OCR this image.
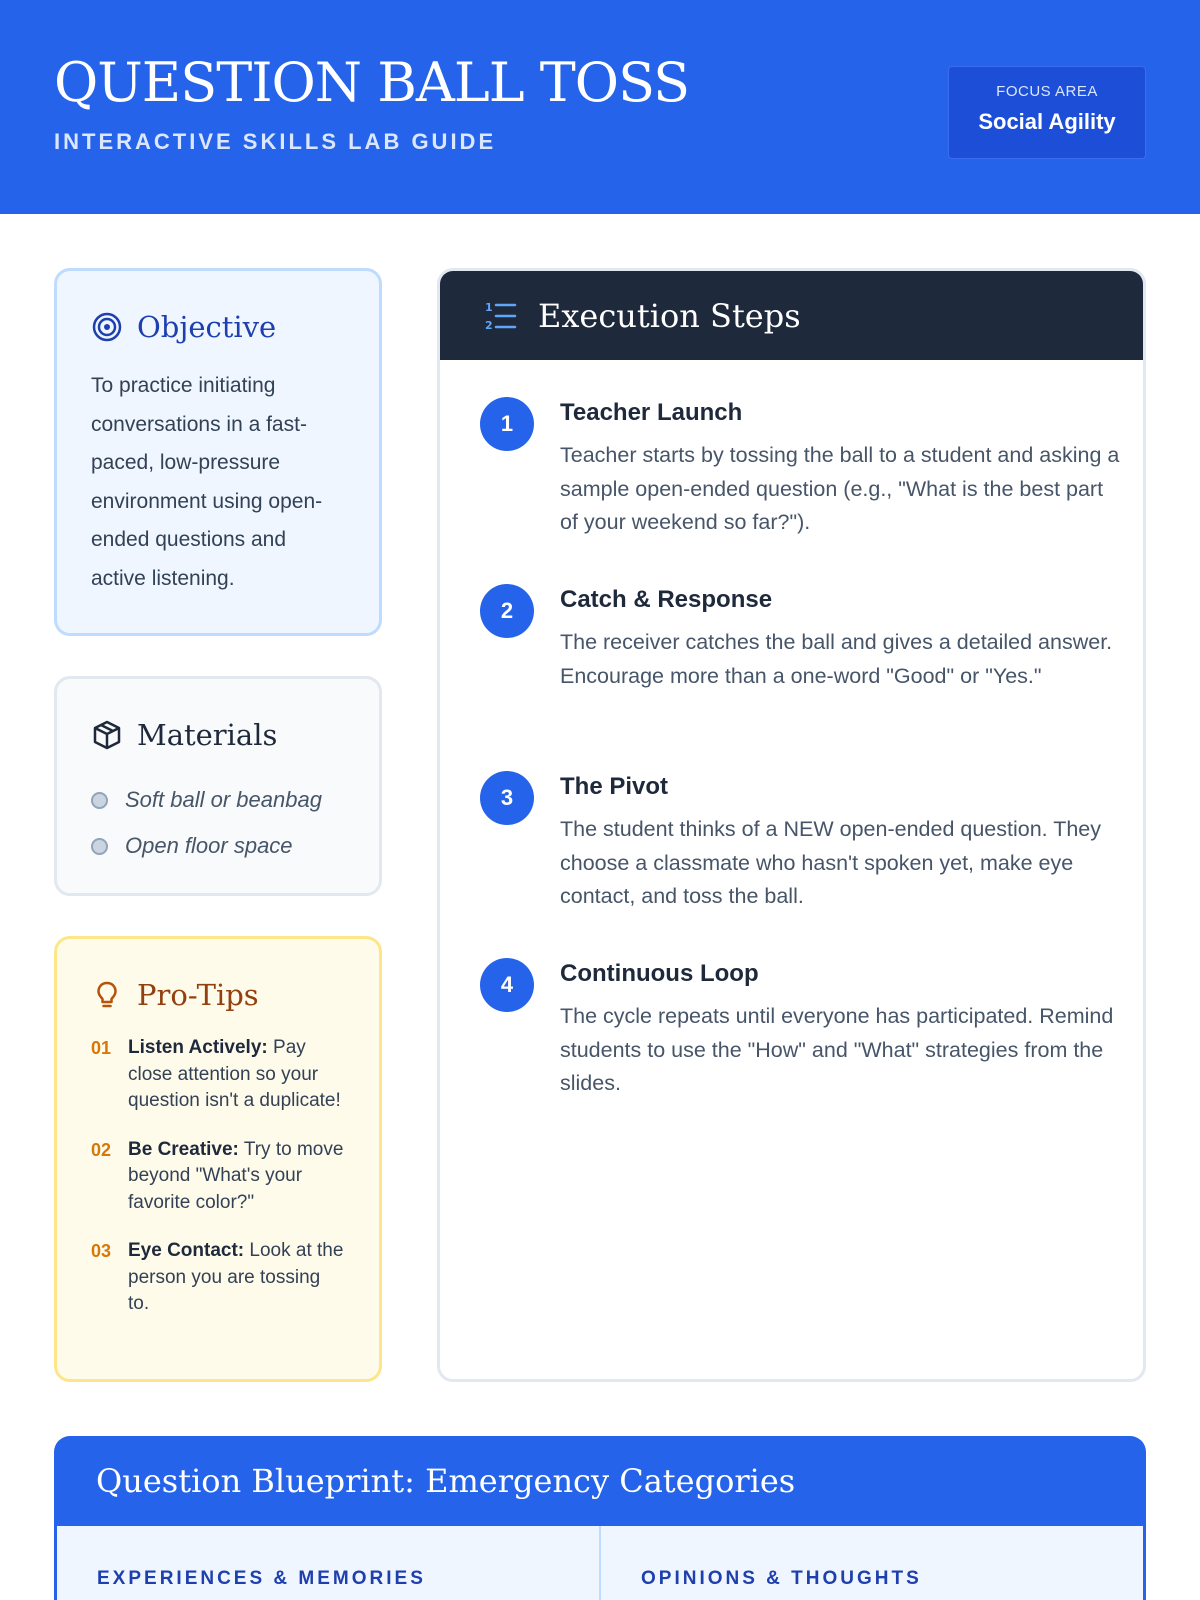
QUESTION BALL TOSS
INTERACTIVE SKILLS LAB GUIDE
FOCUS AREA
Social Agility
Objective

To practice initiating conversations in a fast-paced, low-pressure environment using open-ended questions and active listening.

Materials
Soft ball or beanbag
Open floor space
Pro-Tips
01 Listen Actively: Pay close attention so your question isn't a duplicate!
02 Be Creative: Try to move beyond "What's your favorite color?"
03 Eye Contact: Look at the person you are tossing to.
1
2 Execution Steps
1	Teacher Launch
Teacher starts by tossing the ball to a student and asking a sample open-ended question (e.g., "What is the best part of your weekend so far?").
2	Catch & Response
The receiver catches the ball and gives a detailed answer. Encourage more than a one-word "Good" or "Yes."
3	The Pivot
The student thinks of a NEW open-ended question. They choose a classmate who hasn't spoken yet, make eye contact, and toss the ball.
4	Continuous Loop
The cycle repeats until everyone has participated. Remind students to use the "How" and "What" strategies from the slides.
Question Blueprint: Emergency Categories
EXPERIENCES & MEMORIES	OPINIONS & THOUGHTS
